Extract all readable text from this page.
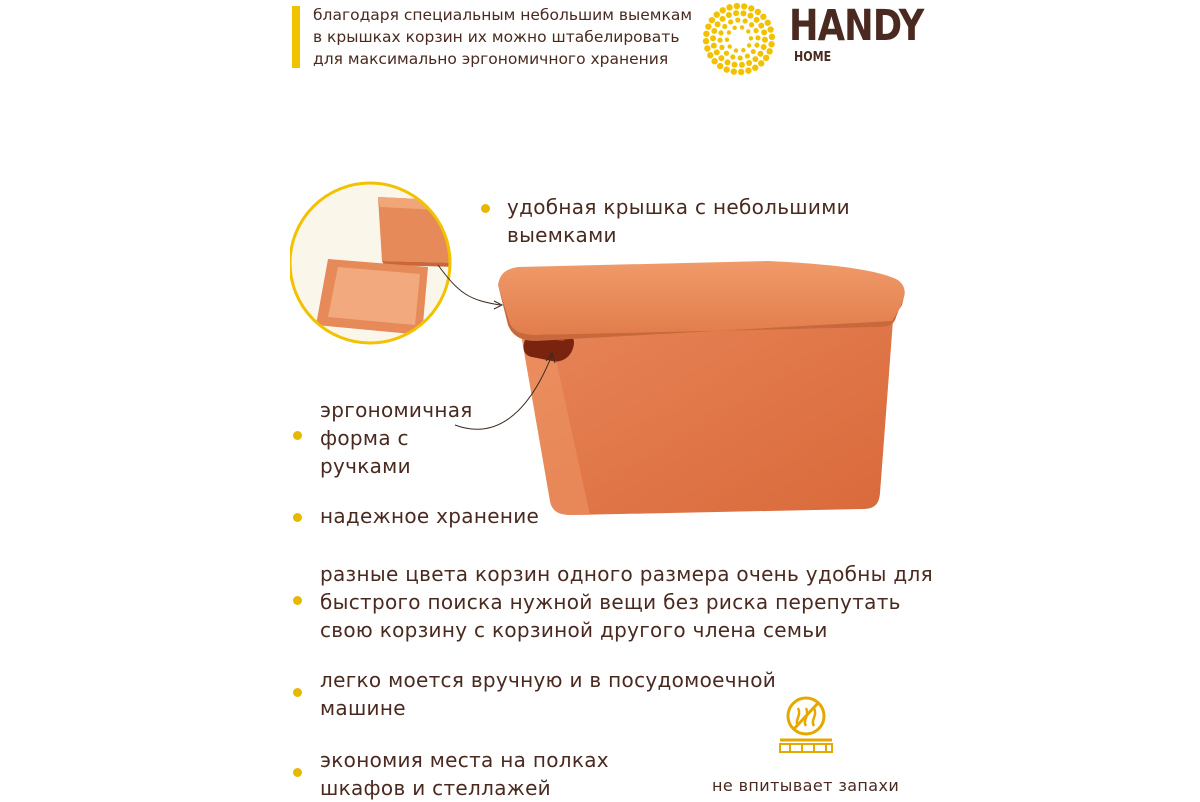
благодаря специальным небольшим выемкам
в крышках корзин их можно штабелировать
для максимально эргономичного хранения
HANDY
HOME
удобная крышка с небольшими
выемками
эргономичная
форма с
ручками
надежное хранение
разные цвета корзин одного размера очень удобны для
быстрого поиска нужной вещи без риска перепутать
свою корзину с корзиной другого члена семьи
легко моется вручную и в посудомоечной
машине
экономия места на полках
шкафов и стеллажей	не впитывает запахи
